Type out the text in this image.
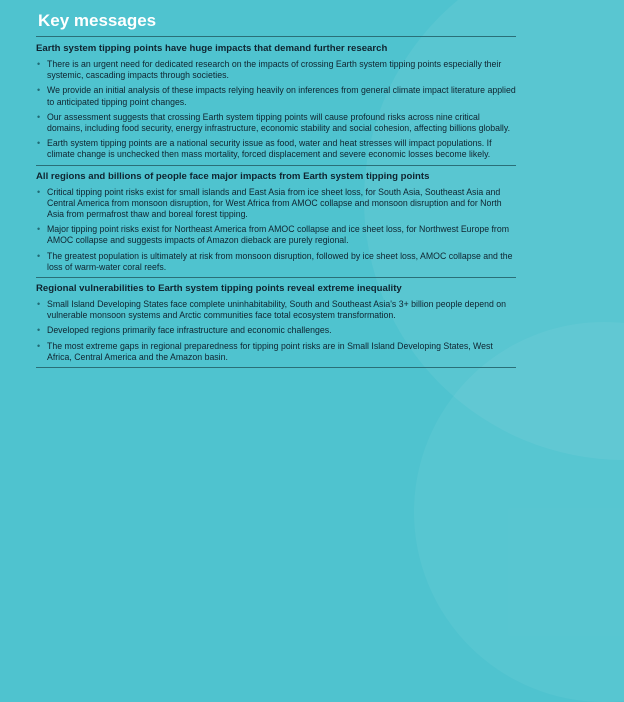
Key messages
Earth system tipping points have huge impacts that demand further research
• There is an urgent need for dedicated research on the impacts of crossing Earth system tipping points especially their systemic, cascading impacts through societies.
• We provide an initial analysis of these impacts relying heavily on inferences from general climate impact literature applied to anticipated tipping point changes.
• Our assessment suggests that crossing Earth system tipping points will cause profound risks across nine critical domains, including food security, energy infrastructure, economic stability and social cohesion, affecting billions globally.
• Earth system tipping points are a national security issue as food, water and heat stresses will impact populations. If climate change is unchecked then mass mortality, forced displacement and severe economic losses become likely.
All regions and billions of people face major impacts from Earth system tipping points
• Critical tipping point risks exist for small islands and East Asia from ice sheet loss, for South Asia, Southeast Asia and Central America from monsoon disruption, for West Africa from AMOC collapse and monsoon disruption and for North Asia from permafrost thaw and boreal forest tipping.
• Major tipping point risks exist for Northeast America from AMOC collapse and ice sheet loss, for Northwest Europe from AMOC collapse and suggests impacts of Amazon dieback are purely regional.
• The greatest population is ultimately at risk from monsoon disruption, followed by ice sheet loss, AMOC collapse and the loss of warm-water coral reefs.
Regional vulnerabilities to Earth system tipping points reveal extreme inequality
• Small Island Developing States face complete uninhabitability, South and Southeast Asia's 3+ billion people depend on vulnerable monsoon systems and Arctic communities face total ecosystem transformation.
• Developed regions primarily face infrastructure and economic challenges.
• The most extreme gaps in regional preparedness for tipping point risks are in Small Island Developing States, West Africa, Central America and the Amazon basin.
